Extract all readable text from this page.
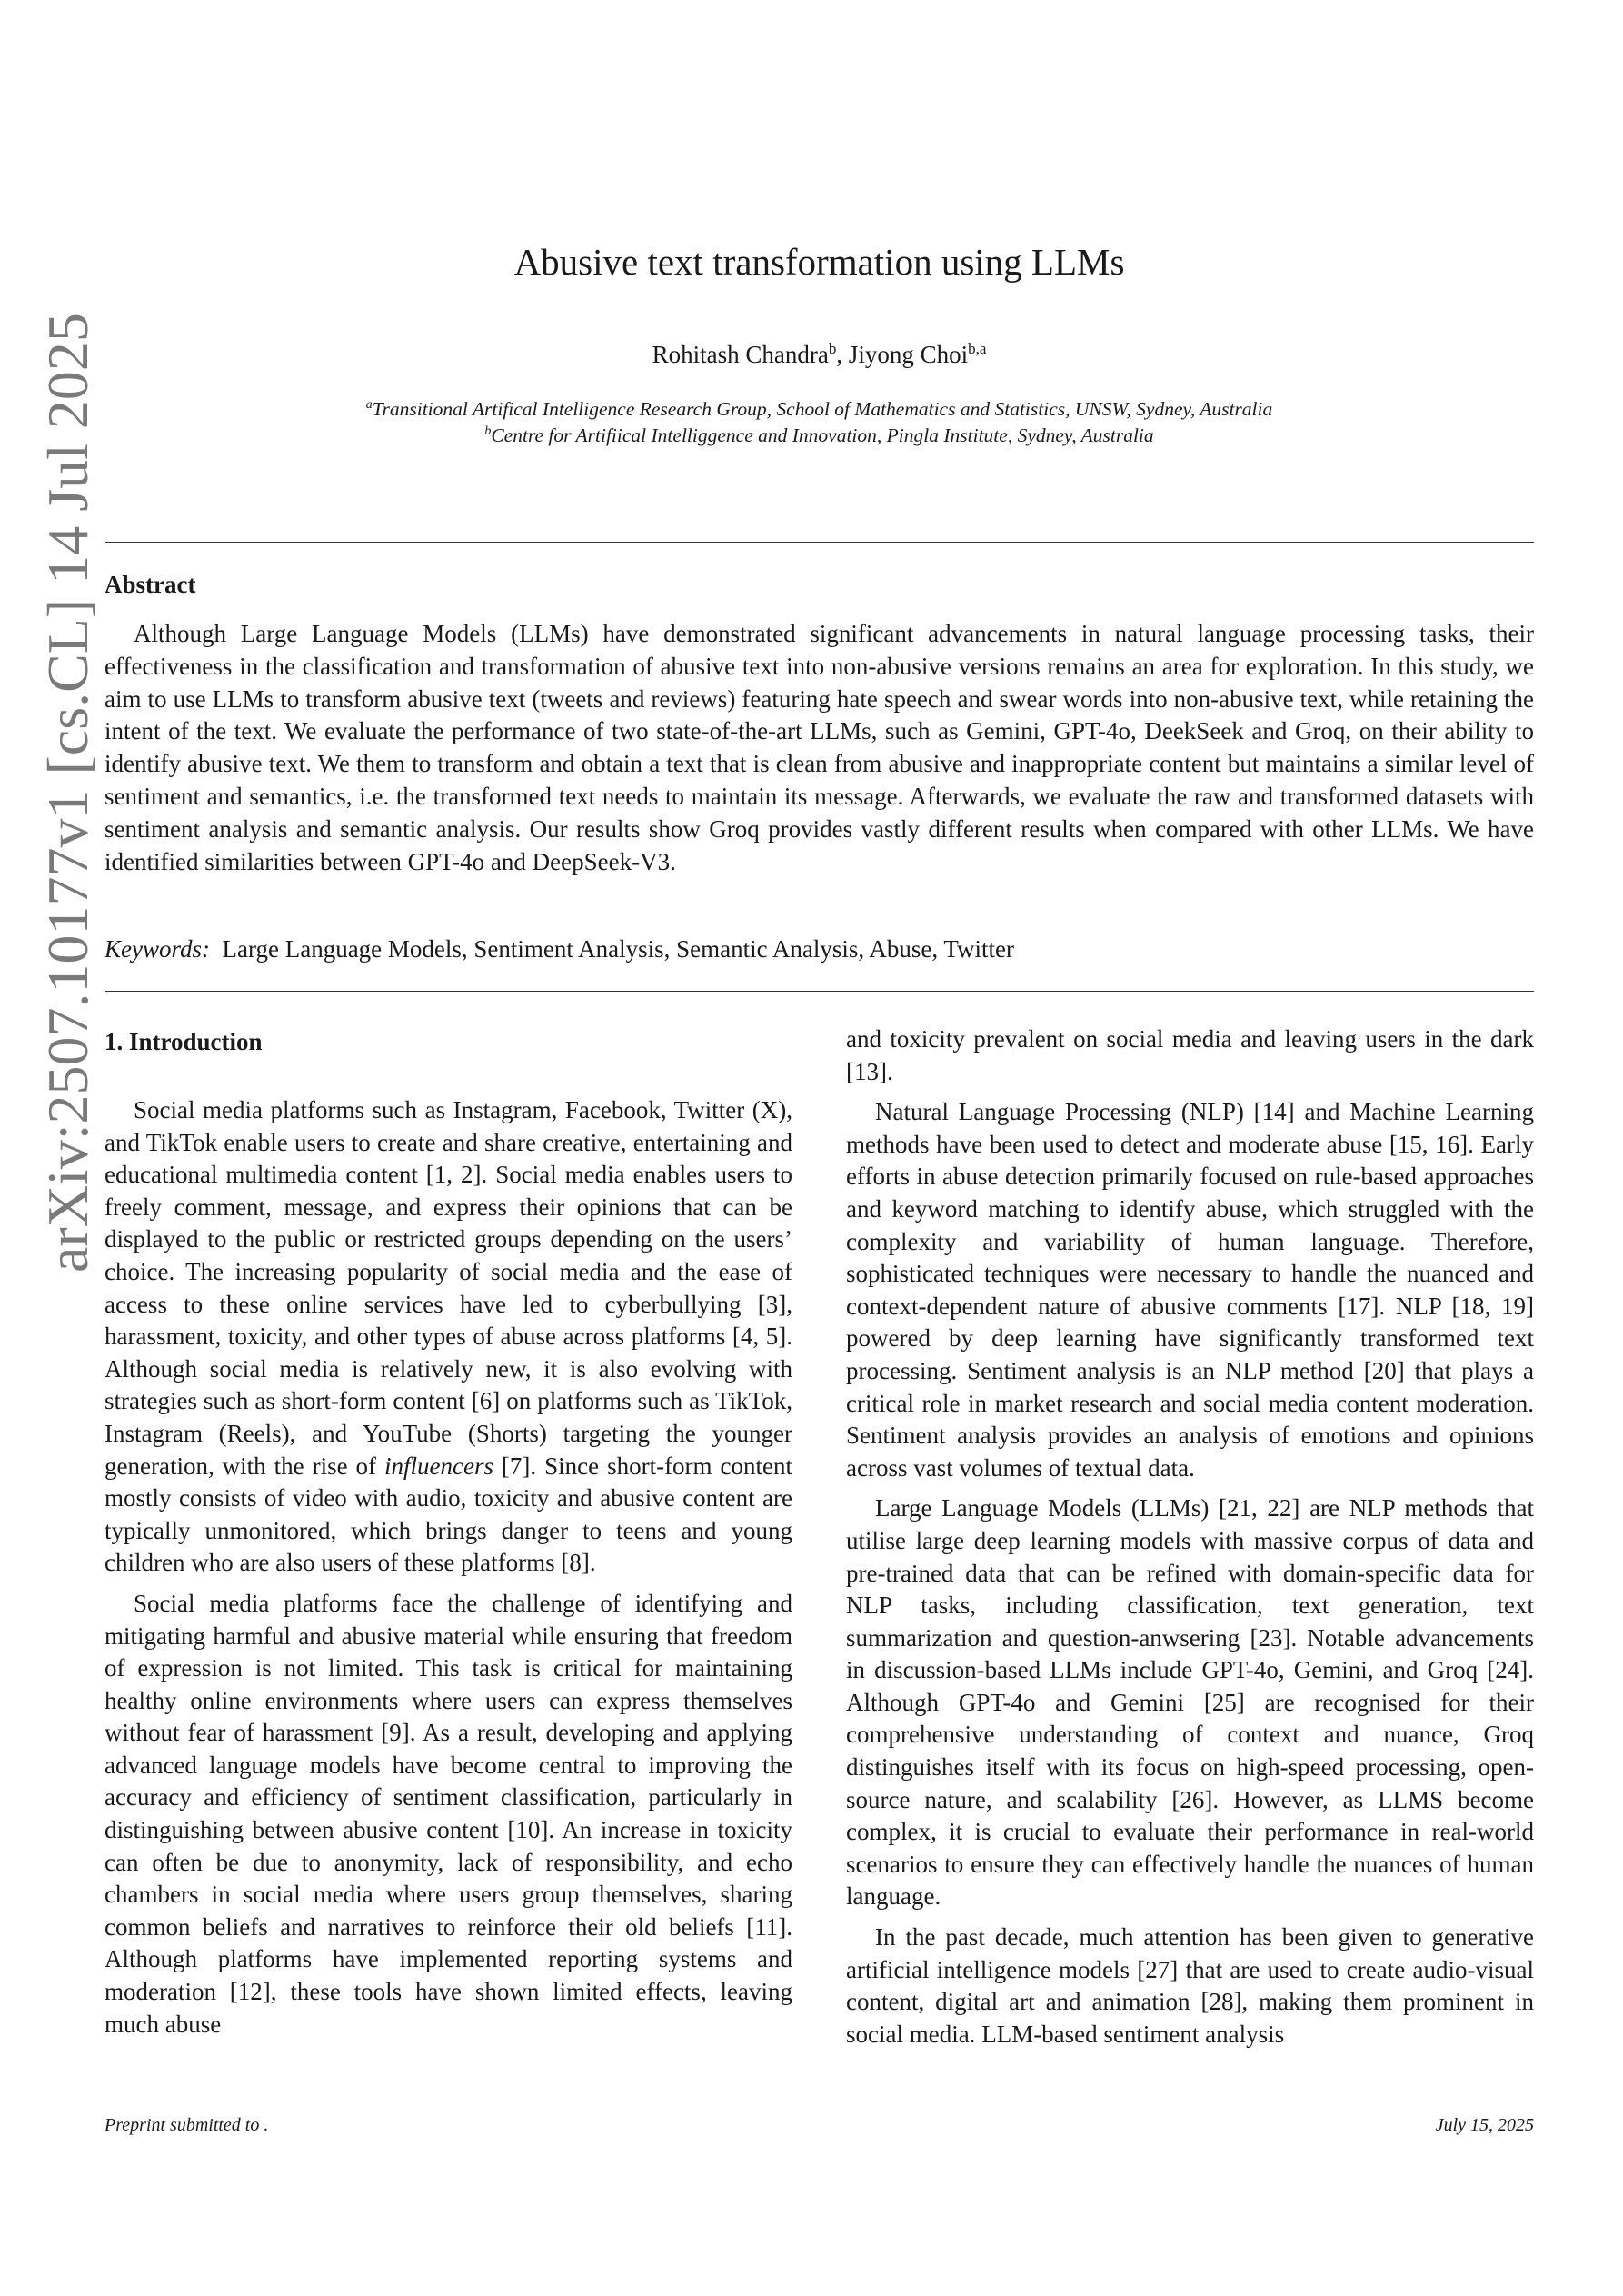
arXiv:2507.10177v1 [cs.CL] 14 Jul 2025
Abusive text transformation using LLMs
Rohitash Chandra$^b$, Jiyong Choi$^{b,a}$
$^a$Transitional Artifical Intelligence Research Group, School of Mathematics and Statistics, UNSW, Sydney, Australia
$^b$Centre for Artifiical Intelliggence and Innovation, Pingla Institute, Sydney, Australia
Abstract

Although Large Language Models (LLMs) have demonstrated significant advancements in natural language processing tasks, their effectiveness in the classification and transformation of abusive text into non-abusive versions remains an area for exploration. In this study, we aim to use LLMs to transform abusive text (tweets and reviews) featuring hate speech and swear words into non-abusive text, while retaining the intent of the text. We evaluate the performance of two state-of-the-art LLMs, such as Gemini, GPT-4o, DeekSeek and Groq, on their ability to identify abusive text. We them to transform and obtain a text that is clean from abusive and inappropriate content but maintains a similar level of sentiment and semantics, i.e. the transformed text needs to maintain its message. Afterwards, we evaluate the raw and transformed datasets with sentiment analysis and semantic analysis. Our results show Groq provides vastly different results when compared with other LLMs. We have identified similarities between GPT-4o and DeepSeek-V3.

Keywords: Large Language Models, Sentiment Analysis, Semantic Analysis, Abuse, Twitter
1. Introduction

Social media platforms such as Instagram, Facebook, Twitter (X), and TikTok enable users to create and share creative, entertaining and educational multimedia content [1, 2]. Social media enables users to freely comment, message, and express their opinions that can be displayed to the public or restricted groups depending on the users’ choice. The increasing popularity of social media and the ease of access to these online services have led to cyberbullying [3], harassment, toxicity, and other types of abuse across platforms [4, 5]. Although social media is relatively new, it is also evolving with strategies such as short-form content [6] on platforms such as TikTok, Instagram (Reels), and YouTube (Shorts) targeting the younger generation, with the rise of influencers [7]. Since short-form content mostly consists of video with audio, toxicity and abusive content are typically unmonitored, which brings danger to teens and young children who are also users of these platforms [8].

Social media platforms face the challenge of identifying and mitigating harmful and abusive material while ensuring that freedom of expression is not limited. This task is critical for maintaining healthy online environments where users can express themselves without fear of harassment [9]. As a result, developing and applying advanced language models have become central to improving the accuracy and efficiency of sentiment classification, particularly in distinguishing between abusive content [10]. An increase in toxicity can often be due to anonymity, lack of responsibility, and echo chambers in social media where users group themselves, sharing common beliefs and narratives to reinforce their old beliefs [11]. Although platforms have implemented reporting systems and moderation [12], these tools have shown limited effects, leaving much abuse

and toxicity prevalent on social media and leaving users in the dark [13].

Natural Language Processing (NLP) [14] and Machine Learning methods have been used to detect and moderate abuse [15, 16]. Early efforts in abuse detection primarily focused on rule-based approaches and keyword matching to identify abuse, which struggled with the complexity and variability of human language. Therefore, sophisticated techniques were necessary to handle the nuanced and context-dependent nature of abusive comments [17]. NLP [18, 19] powered by deep learning have significantly transformed text processing. Sentiment analysis is an NLP method [20] that plays a critical role in market research and social media content moderation. Sentiment analysis provides an analysis of emotions and opinions across vast volumes of textual data.

Large Language Models (LLMs) [21, 22] are NLP methods that utilise large deep learning models with massive corpus of data and pre-trained data that can be refined with domain-specific data for NLP tasks, including classification, text generation, text summarization and question-anwsering [23]. Notable advancements in discussion-based LLMs include GPT-4o, Gemini, and Groq [24]. Although GPT-4o and Gemini [25] are recognised for their comprehensive understanding of context and nuance, Groq distinguishes itself with its focus on high-speed processing, open-source nature, and scalability [26]. However, as LLMS become complex, it is crucial to evaluate their performance in real-world scenarios to ensure they can effectively handle the nuances of human language.

In the past decade, much attention has been given to generative artificial intelligence models [27] that are used to create audio-visual content, digital art and animation [28], making them prominent in social media. LLM-based sentiment analysis

Preprint submitted to .	July 15, 2025
